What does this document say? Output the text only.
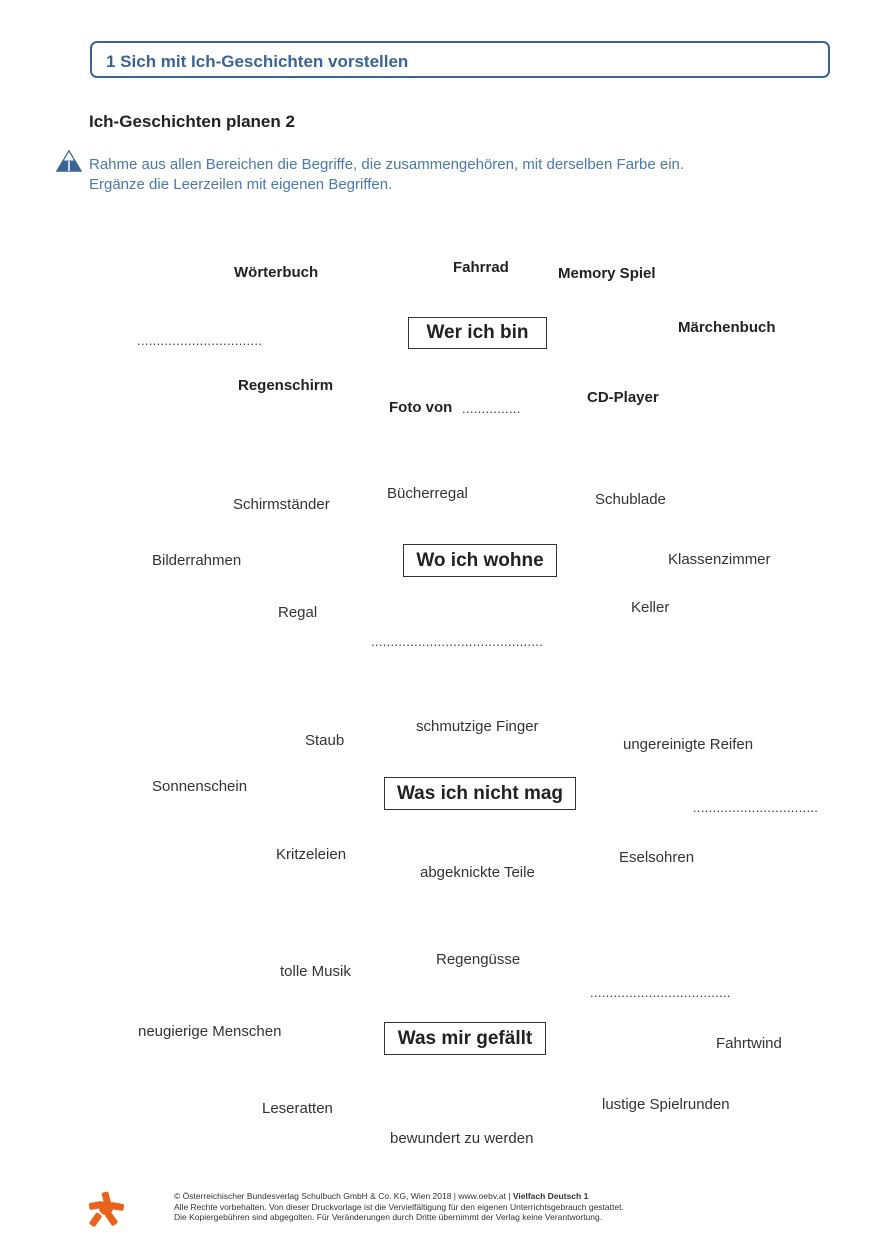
1 Sich mit Ich-Geschichten vorstellen
Ich-Geschichten planen 2
Rahme aus allen Bereichen die Begriffe, die zusammengehören, mit derselben Farbe ein.
Ergänze die Leerzeilen mit eigenen Begriffen.
Wörterbuch	Fahrrad	Memory Spiel
................................	Wer ich bin	Märchenbuch
Regenschirm
Foto von ...............
CD-Player
Schirmständer
Bücherregal	Schublade
Bilderrahmen	Wo ich wohne	Klassenzimmer
Regal	Keller
............................................
schmutzige Finger
Staub	ungereinigte Reifen
Sonnenschein	Was ich nicht mag
................................
Kritzeleien	Eselsohren
abgeknickte Teile
Regengüsse
tolle Musik
....................................
neugierige Menschen	Was mir gefällt	Fahrtwind
lustige Spielrunden
Leseratten
bewundert zu werden
© Österreichischer Bundesverlag Schulbuch GmbH & Co. KG, Wien 2018 | www.oebv.at | Vielfach Deutsch 1
Alle Rechte vorbehalten. Von dieser Druckvorlage ist die Vervielfältigung für den eigenen Unterrichtsgebrauch gestattet.
Die Kopiergebühren sind abgegolten. Für Veränderungen durch Dritte übernimmt der Verlag keine Verantwortung.
